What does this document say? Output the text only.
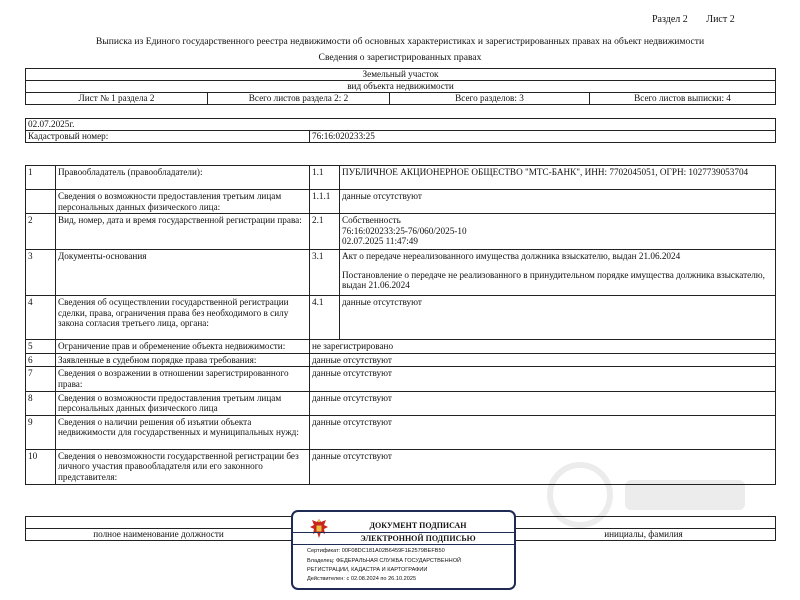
Раздел 2 Лист 2
Выписка из Единого государственного реестра недвижимости об основных характеристиках и зарегистрированных правах на объект недвижимости
Сведения о зарегистрированных правах
Земельный участок
вид объекта недвижимости
Лист № 1 раздела 2	Всего листов раздела 2: 2	Всего разделов: 3	Всего листов выписки: 4
02.07.2025г.
Кадастровый номер:	76:16:020233:25
1	Правообладатель (правообладатели):	1.1	ПУБЛИЧНОЕ АКЦИОНЕРНОЕ ОБЩЕСТВО "МТС-БАНК", ИНН: 7702045051, ОГРН: 1027739053704
	Сведения о возможности предоставления третьим лицам персональных данных физического лица:	1.1.1	данные отсутствуют
2	Вид, номер, дата и время государственной регистрации права:	2.1	Собственность
76:16:020233:25-76/060/2025-10
02.07.2025 11:47:49

3	Документы-основания	3.1	Акт о передаче нереализованного имущества должника взыскателю, выдан 21.06.2024
Постановление о передаче не реализованного в принудительном порядке имущества должника взыскателю, выдан 21.06.2024

4	Сведения об осуществлении государственной регистрации сделки, права, ограничения права без необходимого в силу закона согласия третьего лица, органа:	4.1	данные отсутствуют
5	Ограничение прав и обременение объекта недвижимости:	не зарегистрировано	
6	Заявленные в судебном порядке права требования:	данные отсутствуют	
7	Сведения о возражении в отношении зарегистрированного права:	данные отсутствуют	
8	Сведения о возможности предоставления третьим лицам персональных данных физического лица	данные отсутствуют	
9	Сведения о наличии решения об изъятии объекта недвижимости для государственных и муниципальных нужд:	данные отсутствуют	
10	Сведения о невозможности государственной регистрации без личного участия правообладателя или его законного представителя:	данные отсутствуют	

полное наименование должности		инициалы, фамилия
ДОКУМЕНТ ПОДПИСАН
ЭЛЕКТРОННОЙ ПОДПИСЬЮ
Сертификат: 00F08DC181A02B6459F1E2579BEFB50
Владелец: ФЕДЕРАЛЬНАЯ СЛУЖБА ГОСУДАРСТВЕННОЙ
РЕГИСТРАЦИИ, КАДАСТРА И КАРТОГРАФИИ
Действителен: с 02.08.2024 по 26.10.2025
